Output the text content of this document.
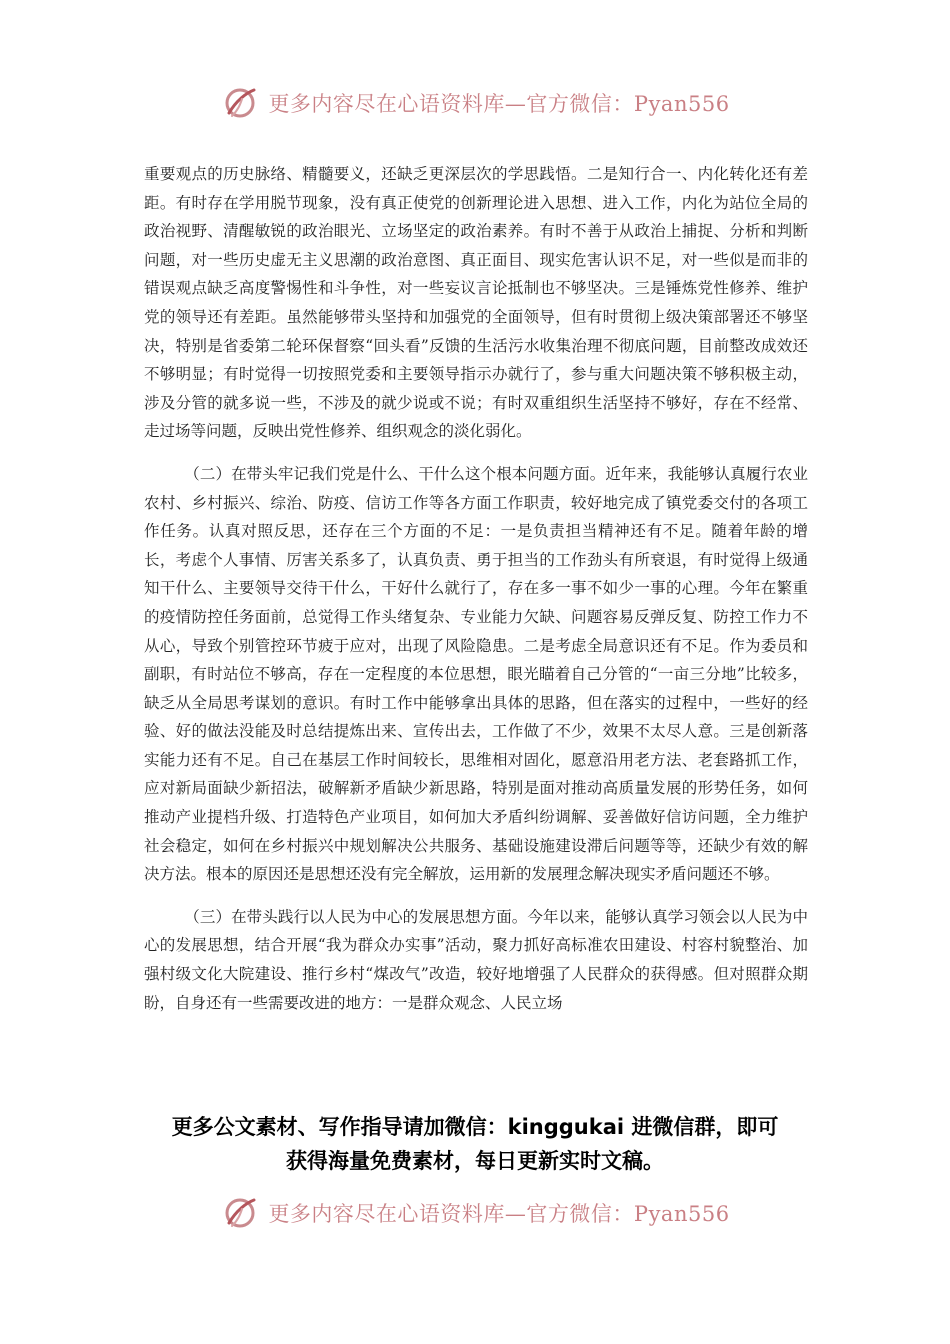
更多内容尽在心语资料库—官方微信：Pyan556

重要观点的历史脉络、精髓要义，还缺乏更深层次的学思践悟。二是知行合一、内化转化还有差距。有时存在学用脱节现象，没有真正使党的创新理论进入思想、进入工作，内化为站位全局的政治视野、清醒敏锐的政治眼光、立场坚定的政治素养。有时不善于从政治上捕捉、分析和判断问题，对一些历史虚无主义思潮的政治意图、真正面目、现实危害认识不足，对一些似是而非的错误观点缺乏高度警惕性和斗争性，对一些妄议言论抵制也不够坚决。三是锤炼党性修养、维护党的领导还有差距。虽然能够带头坚持和加强党的全面领导，但有时贯彻上级决策部署还不够坚决，特别是省委第二轮环保督察“回头看”反馈的生活污水收集治理不彻底问题，目前整改成效还不够明显；有时觉得一切按照党委和主要领导指示办就行了，参与重大问题决策不够积极主动，涉及分管的就多说一些，不涉及的就少说或不说；有时双重组织生活坚持不够好，存在不经常、走过场等问题，反映出党性修养、组织观念的淡化弱化。

（二）在带头牢记我们党是什么、干什么这个根本问题方面。近年来，我能够认真履行农业农村、乡村振兴、综治、防疫、信访工作等各方面工作职责，较好地完成了镇党委交付的各项工作任务。认真对照反思，还存在三个方面的不足：一是负责担当精神还有不足。随着年龄的增长，考虑个人事情、厉害关系多了，认真负责、勇于担当的工作劲头有所衰退，有时觉得上级通知干什么、主要领导交待干什么，干好什么就行了，存在多一事不如少一事的心理。今年在繁重的疫情防控任务面前，总觉得工作头绪复杂、专业能力欠缺、问题容易反弹反复、防控工作力不从心，导致个别管控环节疲于应对，出现了风险隐患。二是考虑全局意识还有不足。作为委员和副职，有时站位不够高，存在一定程度的本位思想，眼光瞄着自己分管的“一亩三分地”比较多，缺乏从全局思考谋划的意识。有时工作中能够拿出具体的思路，但在落实的过程中，一些好的经验、好的做法没能及时总结提炼出来、宣传出去，工作做了不少，效果不太尽人意。三是创新落实能力还有不足。自己在基层工作时间较长，思维相对固化，愿意沿用老方法、老套路抓工作，应对新局面缺少新招法，破解新矛盾缺少新思路，特别是面对推动高质量发展的形势任务，如何推动产业提档升级、打造特色产业项目，如何加大矛盾纠纷调解、妥善做好信访问题，全力维护社会稳定，如何在乡村振兴中规划解决公共服务、基础设施建设滞后问题等等，还缺少有效的解决方法。根本的原因还是思想还没有完全解放，运用新的发展理念解决现实矛盾问题还不够。

（三）在带头践行以人民为中心的发展思想方面。今年以来，能够认真学习领会以人民为中心的发展思想，结合开展“我为群众办实事”活动，聚力抓好高标准农田建设、村容村貌整治、加强村级文化大院建设、推行乡村“煤改气”改造，较好地增强了人民群众的获得感。但对照群众期盼，自身还有一些需要改进的地方：一是群众观念、人民立场

更多公文素材、写作指导请加微信：kinggukai 进微信群，即可
获得海量免费素材，每日更新实时文稿。
更多内容尽在心语资料库—官方微信：Pyan556
